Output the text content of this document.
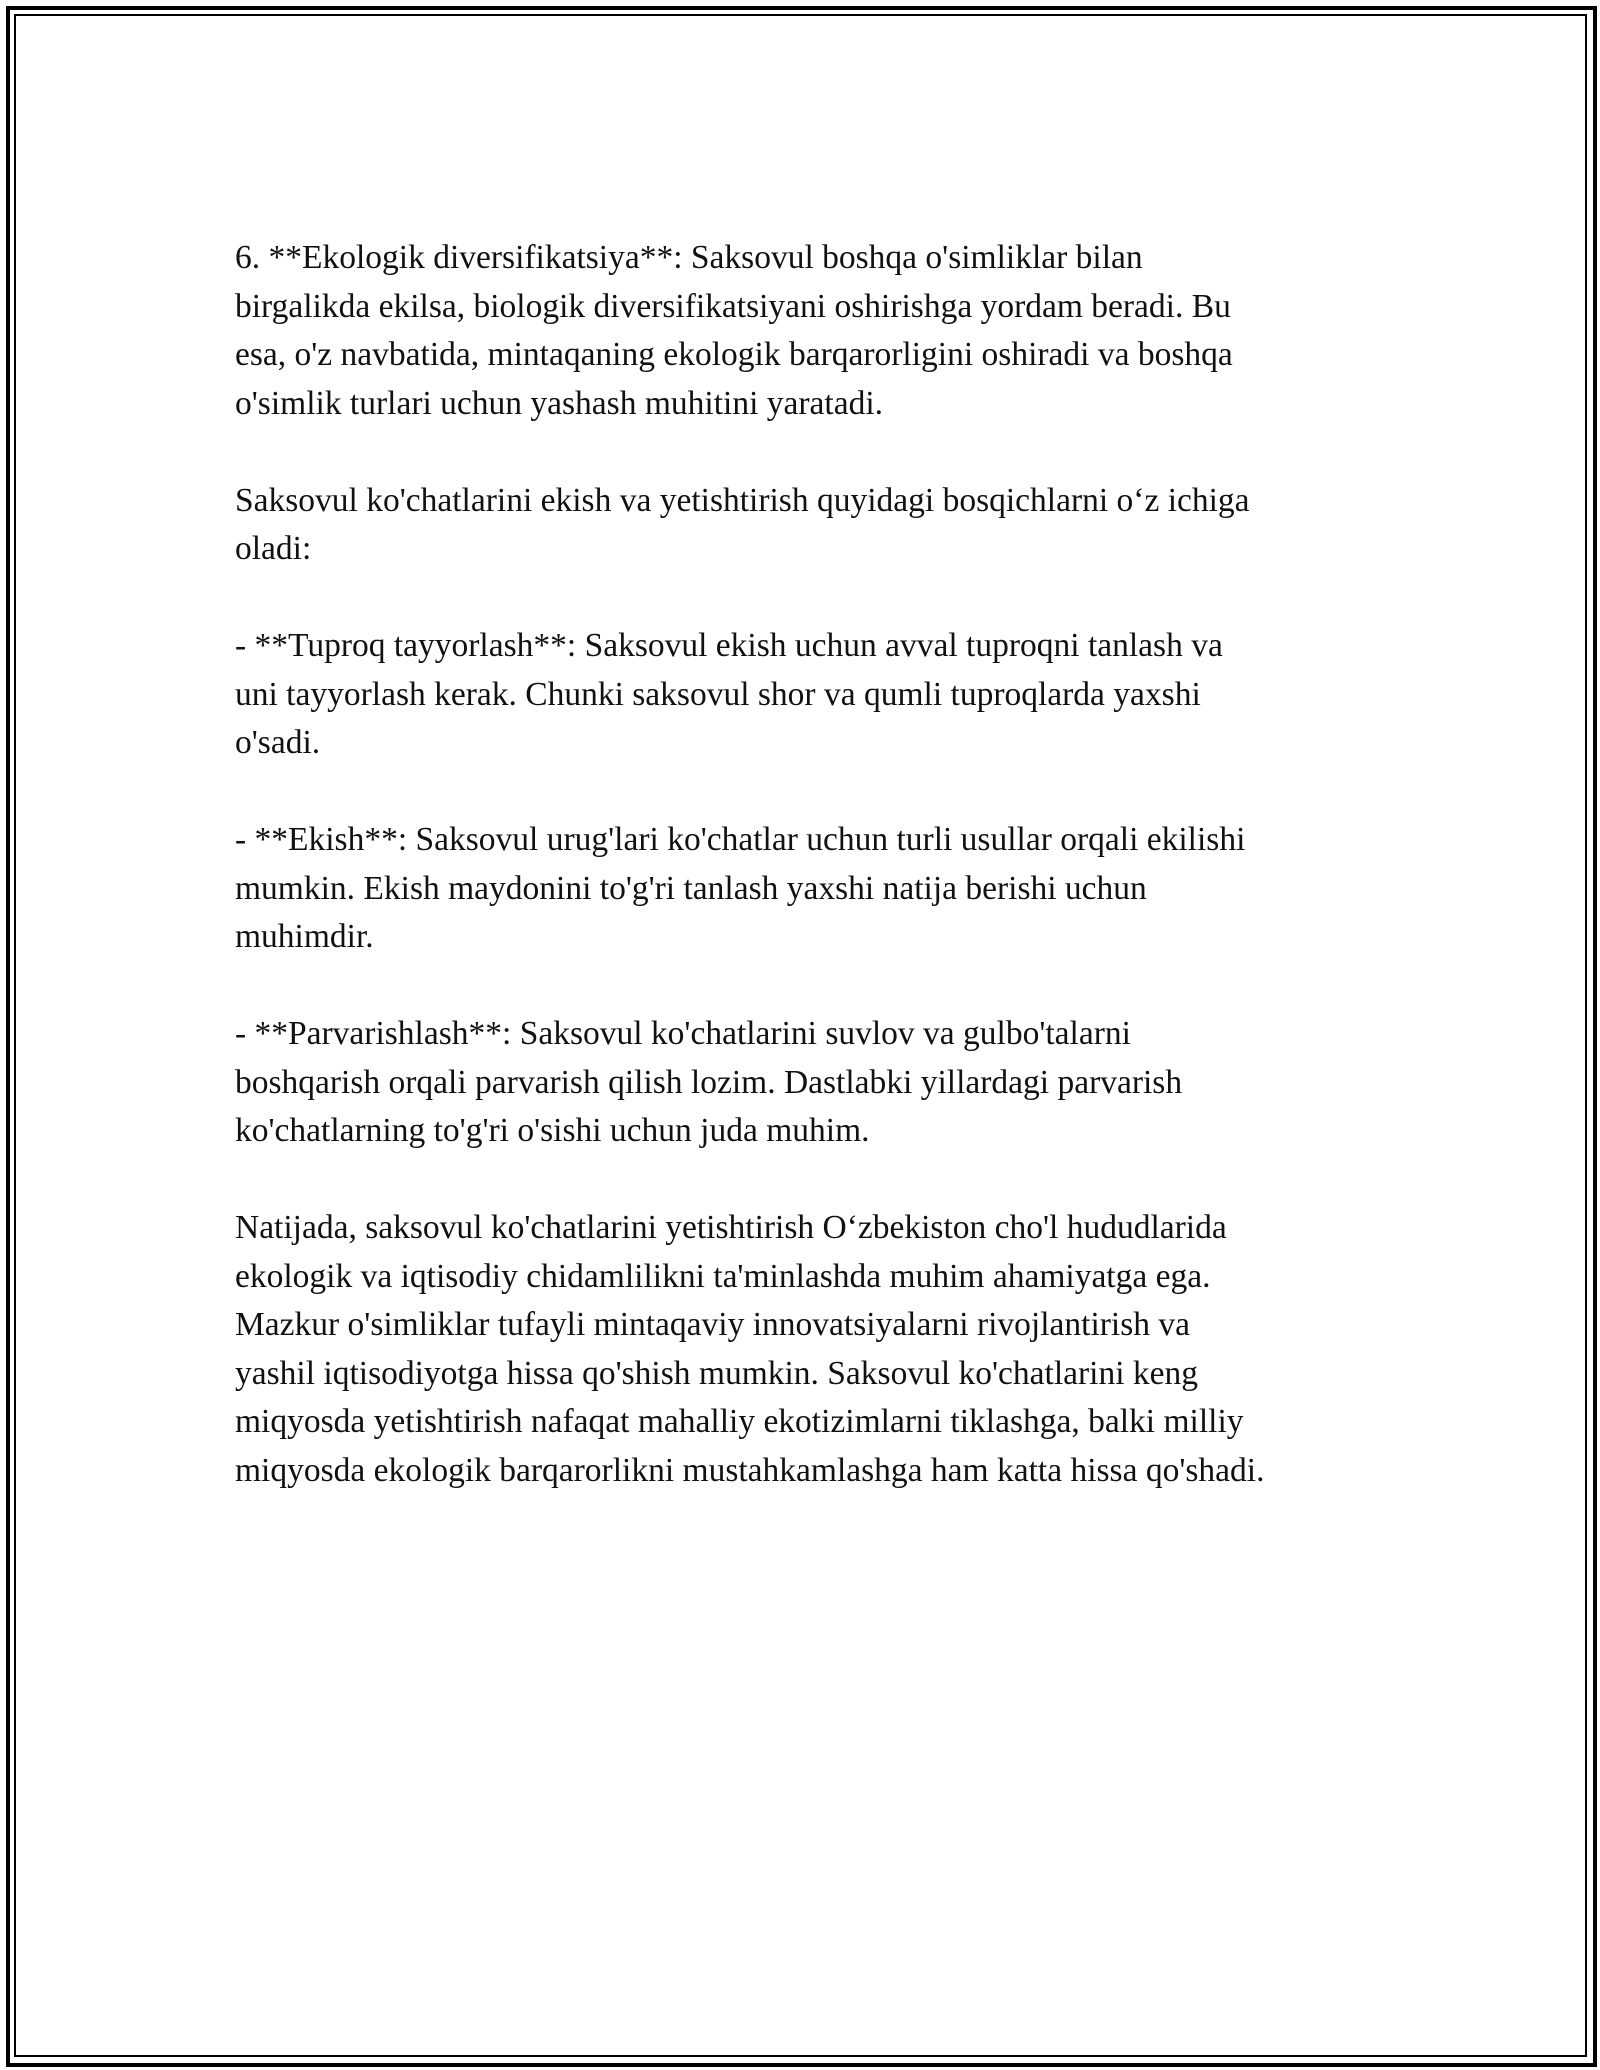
6. **Ekologik diversifikatsiya**: Saksovul boshqa o'simliklar bilan
birgalikda ekilsa, biologik diversifikatsiyani oshirishga yordam beradi. Bu
esa, o'z navbatida, mintaqaning ekologik barqarorligini oshiradi va boshqa
o'simlik turlari uchun yashash muhitini yaratadi.

Saksovul ko'chatlarini ekish va yetishtirish quyidagi bosqichlarni o‘z ichiga
oladi:

- **Tuproq tayyorlash**: Saksovul ekish uchun avval tuproqni tanlash va
uni tayyorlash kerak. Chunki saksovul shor va qumli tuproqlarda yaxshi
o'sadi.

- **Ekish**: Saksovul urug'lari ko'chatlar uchun turli usullar orqali ekilishi
mumkin. Ekish maydonini to'g'ri tanlash yaxshi natija berishi uchun
muhimdir.

- **Parvarishlash**: Saksovul ko'chatlarini suvlov va gulbo'talarni
boshqarish orqali parvarish qilish lozim. Dastlabki yillardagi parvarish
ko'chatlarning to'g'ri o'sishi uchun juda muhim.

Natijada, saksovul ko'chatlarini yetishtirish O‘zbekiston cho'l hududlarida
ekologik va iqtisodiy chidamlilikni ta'minlashda muhim ahamiyatga ega.
Mazkur o'simliklar tufayli mintaqaviy innovatsiyalarni rivojlantirish va
yashil iqtisodiyotga hissa qo'shish mumkin. Saksovul ko'chatlarini keng
miqyosda yetishtirish nafaqat mahalliy ekotizimlarni tiklashga, balki milliy
miqyosda ekologik barqarorlikni mustahkamlashga ham katta hissa qo'shadi.
